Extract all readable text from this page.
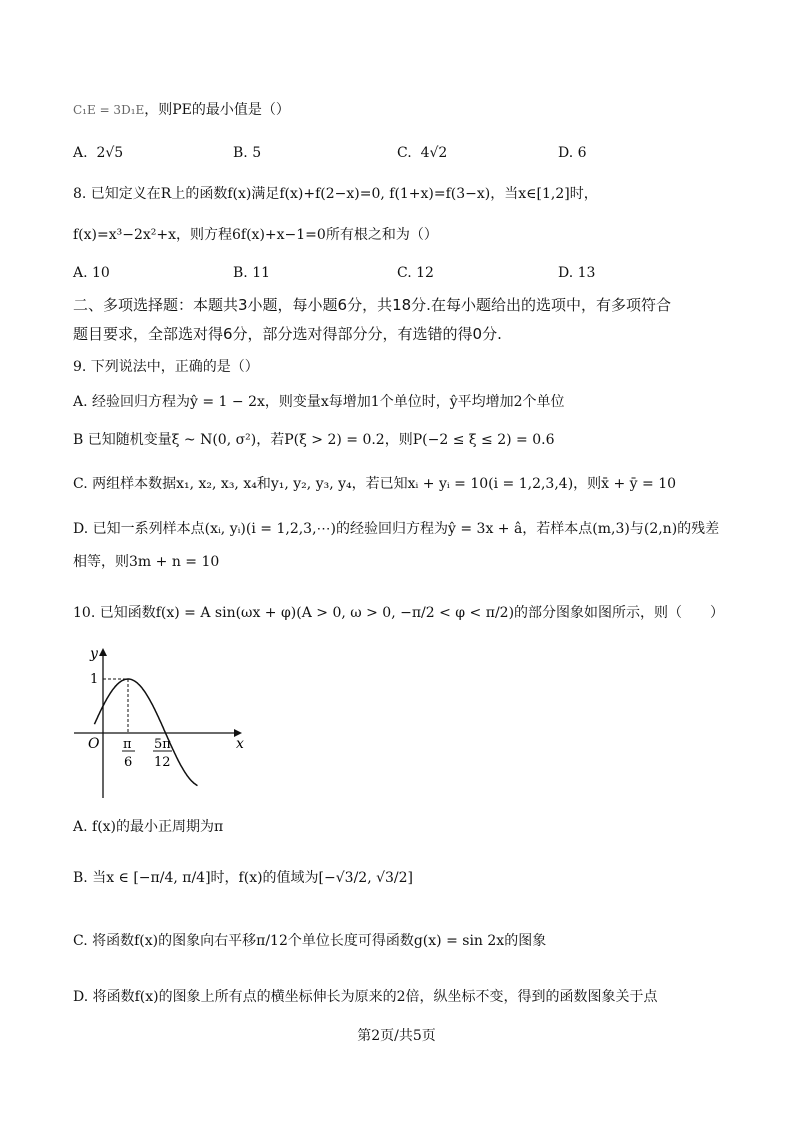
C₁E = 3D₁E，则PE的最小值是（）
A. 2√5	B. 5	C. 4√2	D. 6
8. 已知定义在R上的函数f(x)满足f(x)+f(2−x)=0, f(1+x)=f(3−x)，当x∈[1,2]时，
f(x)=x³−2x²+x，则方程6f(x)+x−1=0所有根之和为（）
A. 10	B. 11	C. 12	D. 13
二、多项选择题：本题共3小题，每小题6分，共18分.在每小题给出的选项中，有多项符合
题目要求，全部选对得6分，部分选对得部分分，有选错的得0分.
9. 下列说法中，正确的是（）
A. 经验回归方程为ŷ = 1 − 2x，则变量x每增加1个单位时，ŷ平均增加2个单位
B 已知随机变量ξ ~ N(0, σ²)，若P(ξ > 2) = 0.2，则P(−2 ≤ ξ ≤ 2) = 0.6
C. 两组样本数据x₁, x₂, x₃, x₄和y₁, y₂, y₃, y₄，若已知xᵢ + yᵢ = 10(i = 1,2,3,4)，则x̄ + ȳ = 10
D. 已知一系列样本点(xᵢ, yᵢ)(i = 1,2,3,⋯)的经验回归方程为ŷ = 3x + â，若样本点(m,3)与(2,n)的残差
相等，则3m + n = 10
10. 已知函数f(x) = A sin(ωx + φ)(A > 0, ω > 0, −π/2 < φ < π/2)的部分图象如图所示，则（　　）
y
x
O
1
π
6
5π
12
A. f(x)的最小正周期为π
B. 当x ∈ [−π/4, π/4]时，f(x)的值域为[−√3/2, √3/2]
C. 将函数f(x)的图象向右平移π/12个单位长度可得函数g(x) = sin 2x的图象
D. 将函数f(x)的图象上所有点的横坐标伸长为原来的2倍，纵坐标不变，得到的函数图象关于点
第2页/共5页
